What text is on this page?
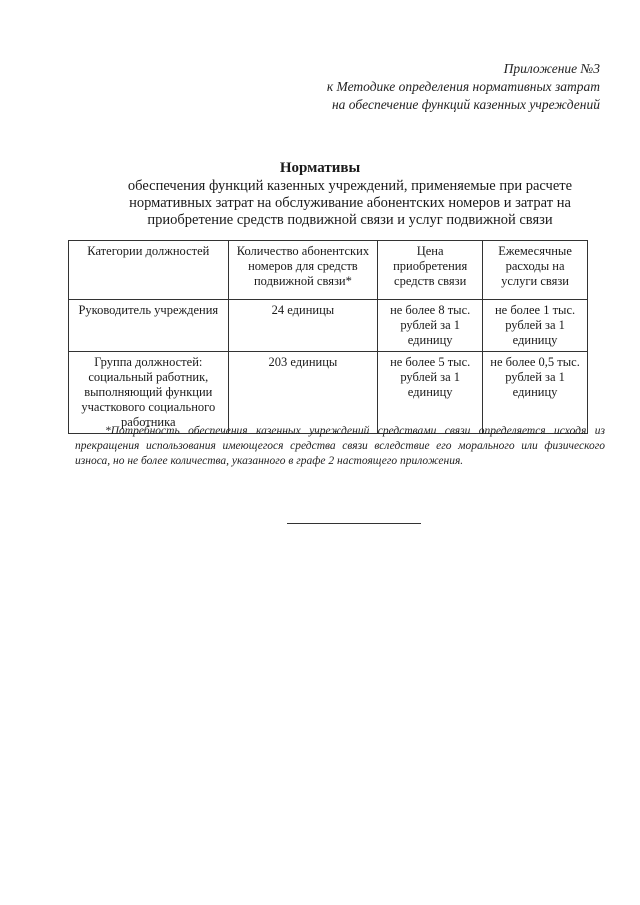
Приложение №3
к Методике определения нормативных затрат
на обеспечение функций казенных учреждений
Нормативы
обеспечения функций казенных учреждений, применяемые при расчете нормативных затрат на обслуживание абонентских номеров и затрат на приобретение средств подвижной связи и услуг подвижной связи
Категории должностей	Количество абонентских номеров для средств подвижной связи*	Цена приобретения средств связи	Ежемесячные расходы на услуги связи
Руководитель учреждения	24 единицы	не более 8 тыс. рублей за 1 единицу	не более 1 тыс. рублей за 1 единицу
Группа должностей: социальный работник, выполняющий функции участкового социального работника	203 единицы	не более 5 тыс. рублей за 1 единицу	не более 0,5 тыс. рублей за 1 единицу
*Потребность обеспечения казенных учреждений средствами связи определяется исходя из прекращения использования имеющегося средства связи вследствие его морального или физического износа, но не более количества, указанного в графе 2 настоящего приложения.
